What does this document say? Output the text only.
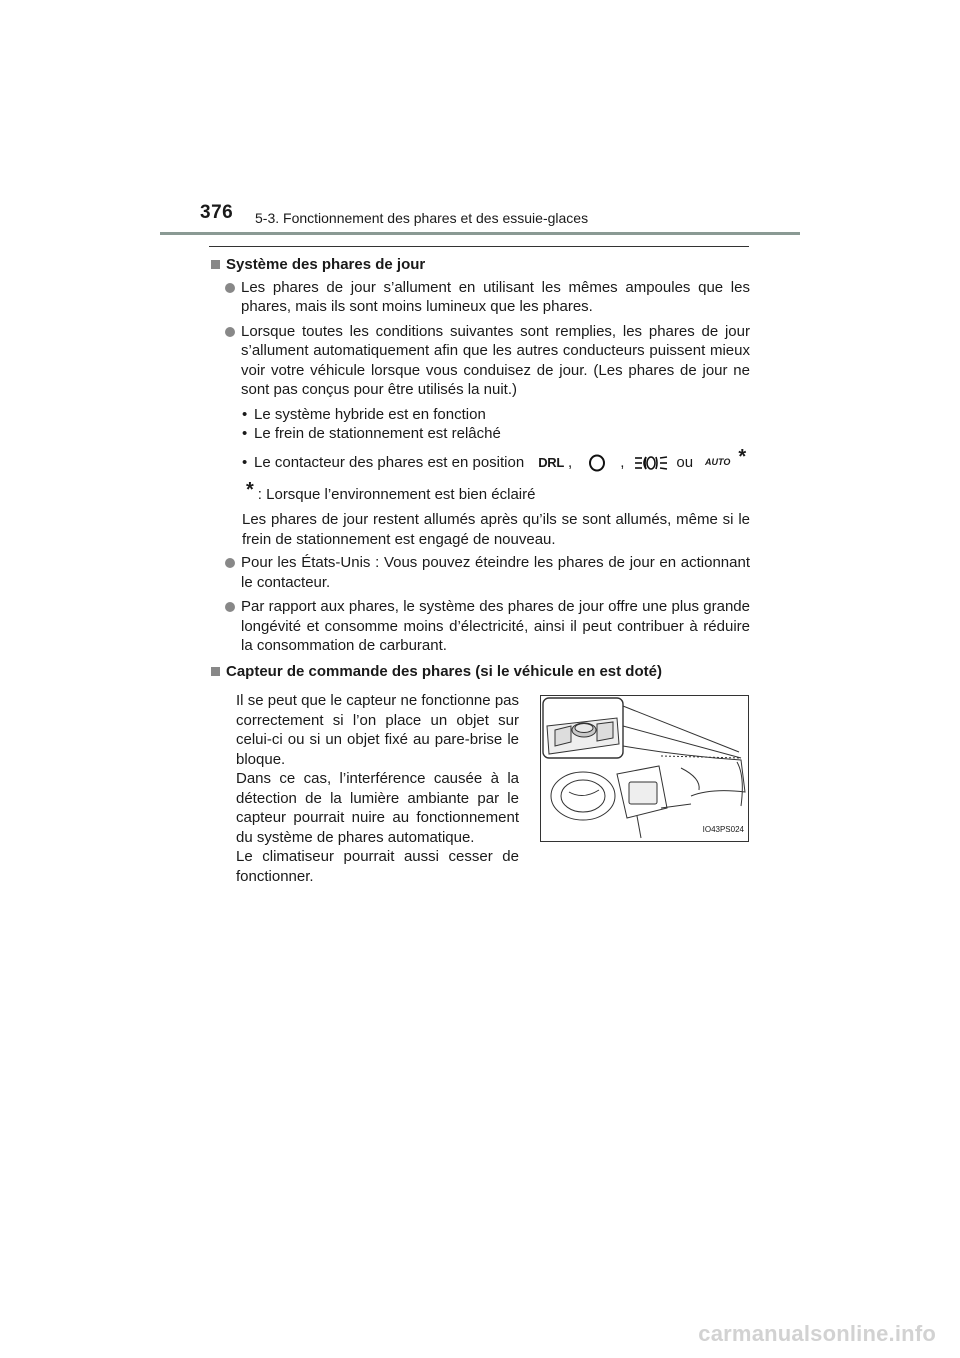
376 5-3. Fonctionnement des phares et des essuie-glaces
Système des phares de jour

Les phares de jour s’allument en utilisant les mêmes ampoules que les phares, mais ils sont moins lumineux que les phares.

Lorsque toutes les conditions suivantes sont remplies, les phares de jour s’allument automatiquement afin que les autres conducteurs puissent mieux voir votre véhicule lorsque vous conduisez de jour. (Les phares de jour ne sont pas conçus pour être utilisés la nuit.)

• Le système hybride est en fonction
• Le frein de stationnement est relâché
• Le contacteur des phares est en position DRL ,	,	ou AUTO *
* : Lorsque l’environnement est bien éclairé

Les phares de jour restent allumés après qu’ils se sont allumés, même si le frein de stationnement est engagé de nouveau.

Pour les États-Unis : Vous pouvez éteindre les phares de jour en actionnant le contacteur.

Par rapport aux phares, le système des phares de jour offre une plus grande longévité et consomme moins d’électricité, ainsi il peut contribuer à réduire la consommation de carburant.

Capteur de commande des phares (si le véhicule en est doté)

Il se peut que le capteur ne fonctionne pas correctement si l’on place un objet sur celui-ci ou si un objet fixé au pare-brise le bloque.

Dans ce cas, l’interférence causée à la détection de la lumière ambiante par le capteur pourrait nuire au fonctionnement du système de phares automatique.

Le climatiseur pourrait aussi cesser de fonctionner.

IO43PS024
carmanualsonline.info
